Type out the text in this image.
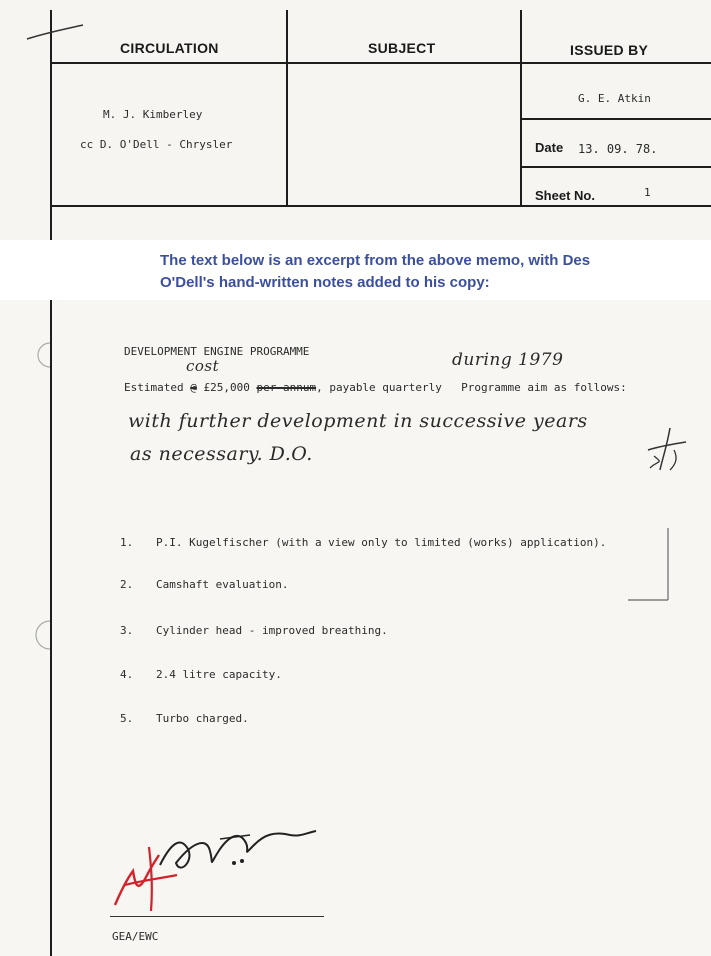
CIRCULATION	SUBJECT	ISSUED BY
M. J. Kimberley
cc D. O'Dell - Chrysler
G. E. Atkin
Date 13. 09. 78.
Sheet No.	1
The text below is an excerpt from the above memo, with Des
O'Dell's hand-written notes added to his copy:
DEVELOPMENT ENGINE PROGRAMME
cost	during 1979
Estimated @ £25,000 per annum, payable quarterly Programme aim as follows:
with further development in successive years
as necessary. D.O.
1. P.I. Kugelfischer (with a view only to limited (works) application).
2. Camshaft evaluation.
3. Cylinder head - improved breathing.
4. 2.4 litre capacity.
5. Turbo charged.
GEA/EWC
